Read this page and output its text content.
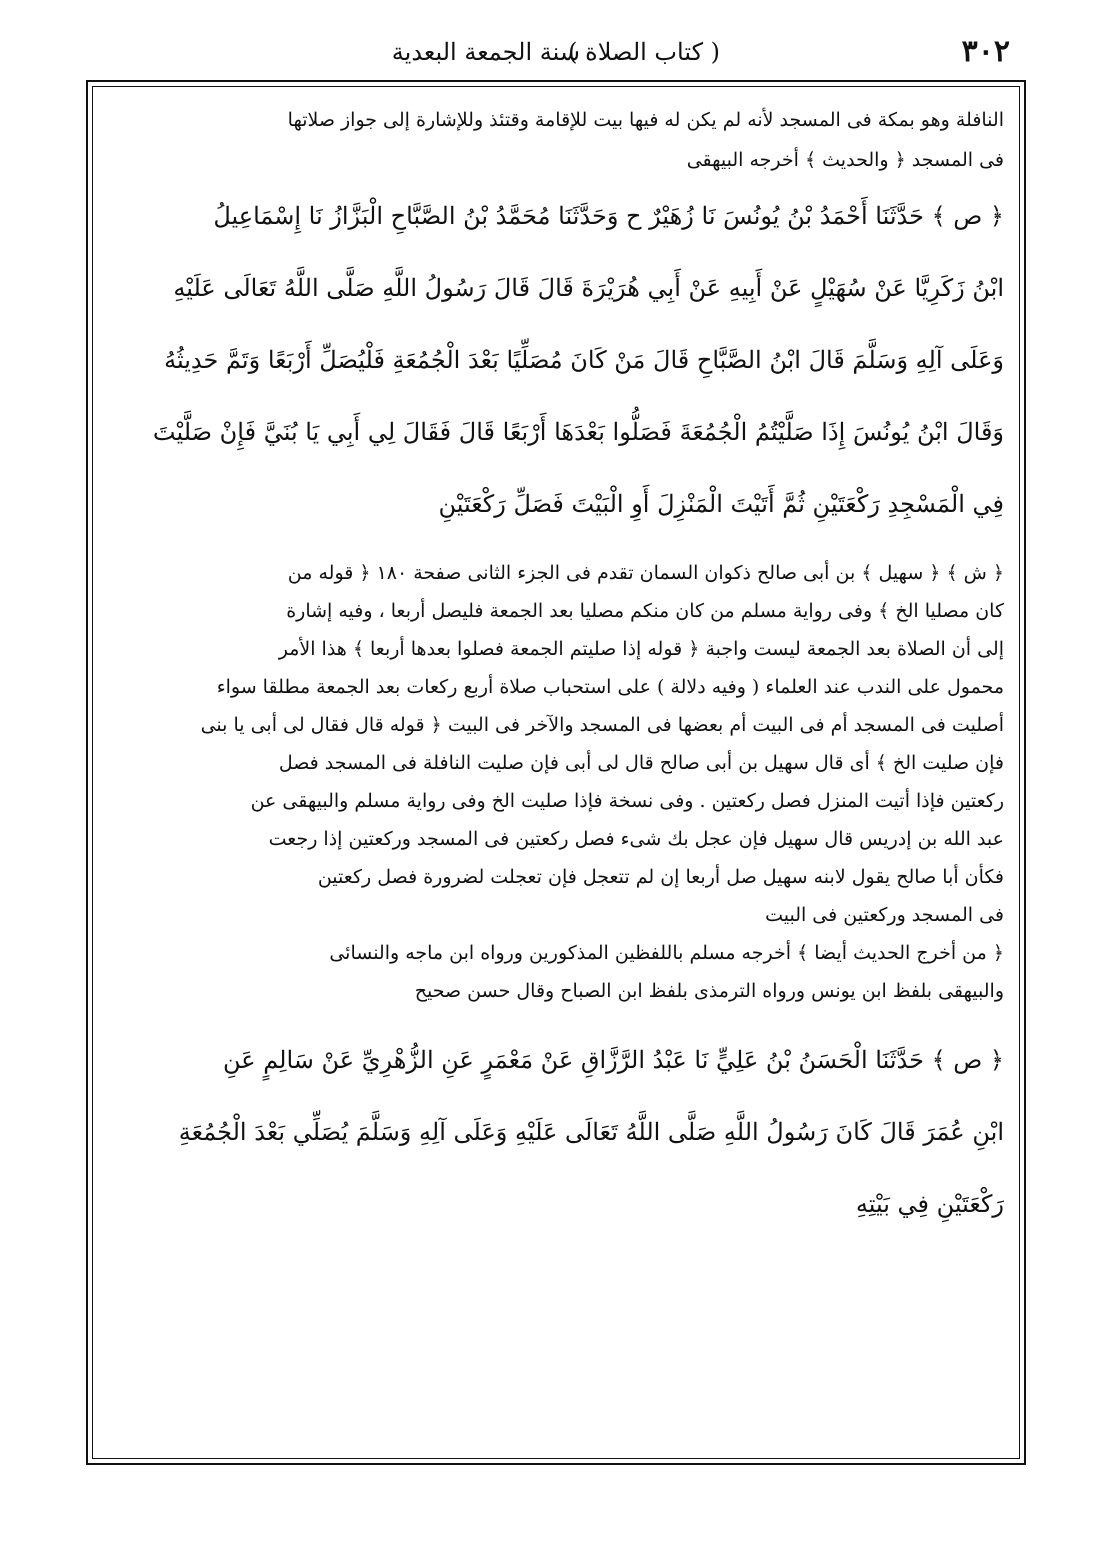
٣٠٢
سنة الجمعة البعدية
( كتاب الصلاة )
النافلة وهو بمكة فى المسجد لأنه لم يكن له فيها بيت للإقامة وقتئذ وللإشارة إلى جواز صلاتها
فى المسجد ﴿ والحديث ﴾ أخرجه البيهقى
﴿ ص ﴾ حَدَّثَنَا أَحْمَدُ بْنُ يُونُسَ نَا زُهَيْرٌ ح وَحَدَّثَنَا مُحَمَّدُ بْنُ الصَّبَّاحِ الْبَزَّازُ نَا إِسْمَاعِيلُ
ابْنُ زَكَرِيَّا عَنْ سُهَيْلٍ عَنْ أَبِيهِ عَنْ أَبِي هُرَيْرَةَ قَالَ قَالَ رَسُولُ اللَّهِ صَلَّى اللَّهُ تَعَالَى عَلَيْهِ
وَعَلَى آلِهِ وَسَلَّمَ قَالَ ابْنُ الصَّبَّاحِ قَالَ مَنْ كَانَ مُصَلِّيًا بَعْدَ الْجُمُعَةِ فَلْيُصَلِّ أَرْبَعًا وَتَمَّ حَدِيثُهُ
وَقَالَ ابْنُ يُونُسَ إِذَا صَلَّيْتُمُ الْجُمُعَةَ فَصَلُّوا بَعْدَهَا أَرْبَعًا قَالَ فَقَالَ لِي أَبِي يَا بُنَيَّ فَإِنْ صَلَّيْتَ
فِي الْمَسْجِدِ رَكْعَتَيْنِ ثُمَّ أَتَيْتَ الْمَنْزِلَ أَوِ الْبَيْتَ فَصَلِّ رَكْعَتَيْنِ
﴿ ش ﴾ ﴿ سهيل ﴾ بن أبى صالح ذكوان السمان تقدم فى الجزء الثانى صفحة ١٨٠ ﴿ قوله من
كان مصليا الخ ﴾ وفى رواية مسلم من كان منكم مصليا بعد الجمعة فليصل أربعا ، وفيه إشارة
إلى أن الصلاة بعد الجمعة ليست واجبة ﴿ قوله إذا صليتم الجمعة فصلوا بعدها أربعا ﴾ هذا الأمر
محمول على الندب عند العلماء ( وفيه دلالة ) على استحباب صلاة أربع ركعات بعد الجمعة مطلقا سواء
أصليت فى المسجد أم فى البيت أم بعضها فى المسجد والآخر فى البيت ﴿ قوله قال فقال لى أبى يا بنى
فإن صليت الخ ﴾ أى قال سهيل بن أبى صالح قال لى أبى فإن صليت النافلة فى المسجد فصل
ركعتين فإذا أتيت المنزل فصل ركعتين . وفى نسخة فإذا صليت الخ وفى رواية مسلم والبيهقى عن
عبد الله بن إدريس قال سهيل فإن عجل بك شىء فصل ركعتين فى المسجد وركعتين إذا رجعت
فكأن أبا صالح يقول لابنه سهيل صل أربعا إن لم تتعجل فإن تعجلت لضرورة فصل ركعتين
فى المسجد وركعتين فى البيت
﴿ من أخرج الحديث أيضا ﴾ أخرجه مسلم باللفظين المذكورين ورواه ابن ماجه والنسائى
والبيهقى بلفظ ابن يونس ورواه الترمذى بلفظ ابن الصباح وقال حسن صحيح
﴿ ص ﴾ حَدَّثَنَا الْحَسَنُ بْنُ عَلِيٍّ نَا عَبْدُ الرَّزَّاقِ عَنْ مَعْمَرٍ عَنِ الزُّهْرِيِّ عَنْ سَالِمٍ عَنِ
ابْنِ عُمَرَ قَالَ كَانَ رَسُولُ اللَّهِ صَلَّى اللَّهُ تَعَالَى عَلَيْهِ وَعَلَى آلِهِ وَسَلَّمَ يُصَلِّي بَعْدَ الْجُمُعَةِ
رَكْعَتَيْنِ فِي بَيْتِهِ
